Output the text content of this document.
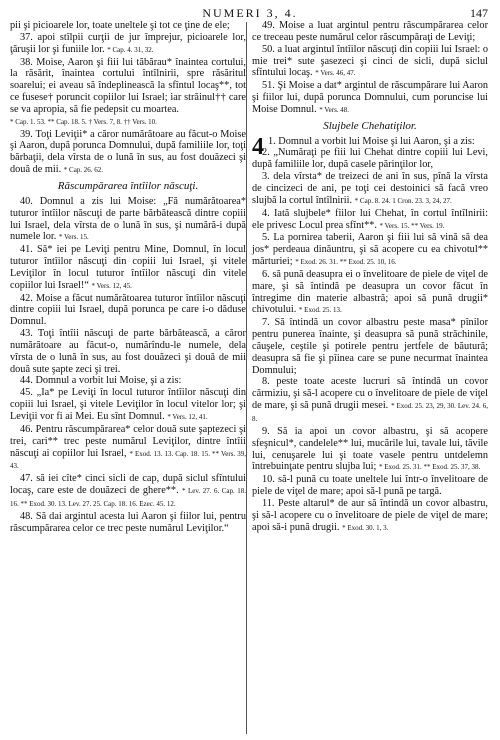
NUMERI 3, 4.	147

pii şi picioarele lor, toate uneltele şi tot ce ţine de ele;

37. apoi stîlpii curţii de jur împrejur, picioarele lor, ţăruşii lor şi funiile lor. * Cap. 4. 31, 32.

38. Moise, Aaron şi fiii lui tăbărau* înaintea cortului, la răsărit, înaintea cortului întîlnirii, spre răsăritul soarelui; ei aveau să îndeplinească la sfîntul locaş**, tot ce fusese† poruncit copiilor lui Israel; iar străinul†† care se va apropia, să fie pedepsit cu moartea.

* Cap. 1. 53. ** Cap. 18. 5. † Vers. 7, 8. †† Vers. 10.

39. Toţi Leviţii* a căror numărătoare au făcut-o Moise şi Aaron, după porunca Domnului, după familiile lor, toţi bărbaţii, dela vîrsta de o lună în sus, au fost douăzeci şi două de mii. * Cap. 26. 62.

Răscumpărarea întîilor născuţi.

40. Domnul a zis lui Moise: „Fă numărătoarea* tuturor întîilor născuţi de parte bărbătească dintre copiii lui Israel, dela vîrsta de o lună în sus, şi numără-i după numele lor. * Vers. 15.

41. Să* iei pe Leviţi pentru Mine, Domnul, în locul tuturor întîilor născuţi din copiii lui Israel, şi vitele Leviţilor în locul tuturor întîilor născuţi din vitele copiilor lui Israel!“ * Vers. 12, 45.

42. Moise a făcut numărătoarea tuturor întîilor născuţi dintre copiii lui Israel, după porunca pe care i-o dăduse Domnul.

43. Toţi întîii născuţi de parte bărbătească, a căror numărătoare au făcut-o, numărîndu-le numele, dela vîrsta de o lună în sus, au fost douăzeci şi două de mii două sute şapte zeci şi trei.

44. Domnul a vorbit lui Moise, şi a zis:

45. „Ia* pe Leviţi în locul tuturor întîilor născuţi din copiii lui Israel, şi vitele Leviţilor în locul vitelor lor; şi Leviţii vor fi ai Mei. Eu sînt Domnul. * Vers. 12, 41.

46. Pentru răscumpărarea* celor două sute şaptezeci şi trei, cari** trec peste numărul Leviţilor, dintre întîii născuţi ai copiilor lui Israel, * Exod. 13. 13. Cap. 18. 15. ** Vers. 39, 43.

47. să iei cîte* cinci sicli de cap, după siclul sfîntului locaş, care este de douăzeci de ghere**. * Lev. 27. 6. Cap. 18. 16. ** Exod. 30. 13. Lev. 27. 25. Cap. 18. 16. Ezec. 45. 12.

48. Să dai argintul acesta lui Aaron şi fiilor lui, pentru răscumpărarea celor ce trec peste numărul Leviţilor.“

49. Moise a luat argintul pentru răscumpărarea celor ce treceau peste numărul celor răscumpăraţi de Leviţi;

50. a luat argintul întîilor născuţi din copiii lui Israel: o mie trei* sute şasezeci şi cinci de sicli, după siclul sfîntului locaş. * Vers. 46, 47.

51. Şi Moise a dat* argintul de răscumpărare lui Aaron şi fiilor lui, după porunca Domnului, cum poruncise lui Moise Domnul. * Vers. 48.

Slujbele Chehatiţilor.
4 1. Domnul a vorbit lui Moise şi lui Aaron, şi a zis:

2. „Număraţi pe fiii lui Chehat dintre copiii lui Levi, după familiile lor, după casele părinţilor lor,

3. dela vîrsta* de treizeci de ani în sus, pînă la vîrsta de cincizeci de ani, pe toţi cei destoinici să facă vreo slujbă la cortul întîlnirii. * Cap. 8. 24. 1 Cron. 23. 3, 24, 27.

4. Iată slujbele* fiilor lui Chehat, în cortul întîlnirii: ele privesc Locul prea sfînt**. * Vers. 15. ** Vers. 19.

5. La pornirea taberii, Aaron şi fiii lui să vină să dea jos* perdeaua dinăuntru, şi să acopere cu ea chivotul** mărturiei; * Exod. 26. 31. ** Exod. 25. 10, 16.

6. să pună deasupra ei o învelitoare de piele de viţel de mare, şi să întindă pe deasupra un covor făcut în întregime din materie albastră; apoi să pună drugii* chivotului. * Exod. 25. 13.

7. Să întindă un covor albastru peste masa* pînilor pentru punerea înainte, şi deasupra să pună străchinile, căuşele, ceştile şi potirele pentru jertfele de băutură; deasupra să fie şi pîinea care se pune necurmat înaintea Domnului;

8. peste toate aceste lucruri să întindă un covor cărmiziu, şi să-l acopere cu o învelitoare de piele de viţel de mare, şi să pună drugii mesei. * Exod. 25. 23, 29, 30. Lev. 24. 6, 8.

9. Să ia apoi un covor albastru, şi să acopere sfeşnicul*, candelele** lui, mucările lui, tavale lui, tăvile lui, cenuşarele lui şi toate vasele pentru untdelemn întrebuinţate pentru slujba lui; * Exod. 25. 31. ** Exod. 25. 37, 38.

10. să-l pună cu toate uneltele lui într-o învelitoare de piele de viţel de mare; apoi să-l pună pe targă.

11. Peste altarul* de aur să întindă un covor albastru, şi să-l acopere cu o învelitoare de piele de viţel de mare; apoi să-i pună drugii. * Exod. 30. 1, 3.
